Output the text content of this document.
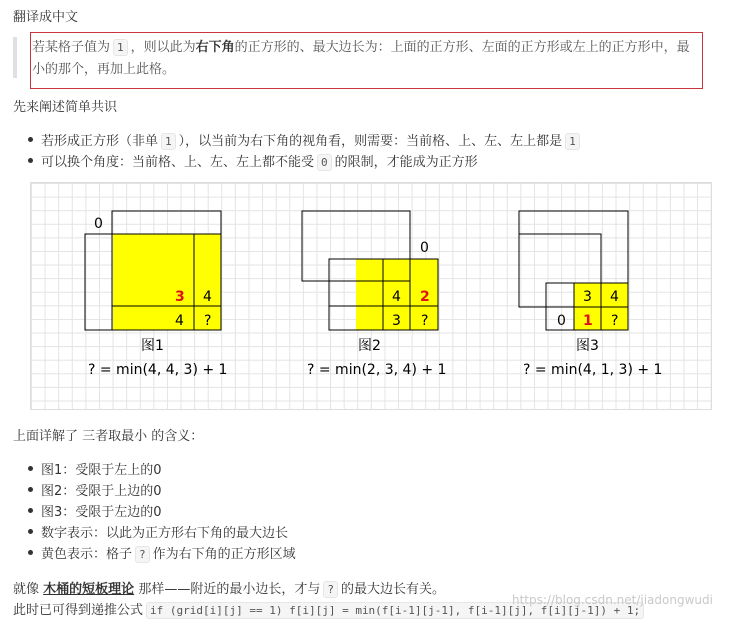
翻译成中文
若某格子值为 1 ，则以此为右下角的正方形的、最大边长为：上面的正方形、左面的正方形或左上的正方形中，最小的那个，再加上此格。
先来阐述简单共识
若形成正方形（非单 1 ），以当前为右下角的视角看，则需要：当前格、上、左、左上都是 1
可以换个角度：当前格、上、左、左上都不能受 0 的限制，才能成为正方形
0
3 4
4 ?
图1
? = min(4, 4, 3) + 1
0
4 2
3 ?
图2
? = min(2, 3, 4) + 1
3 4
0 1 ?
图3
? = min(4, 1, 3) + 1
上面详解了 三者取最小 的含义：
图1：受限于左上的0
图2：受限于上边的0
图3：受限于左边的0
数字表示：以此为正方形右下角的最大边长
黄色表示：格子 ? 作为右下角的正方形区域
就像 木桶的短板理论 那样——附近的最小边长，才与 ? 的最大边长有关。
此时已可得到递推公式 if (grid[i][j] == 1) f[i][j] = min(f[i-1][j-1], f[i-1][j], f[i][j-1]) + 1;
https://blog.csdn.net/jiadongwudi
